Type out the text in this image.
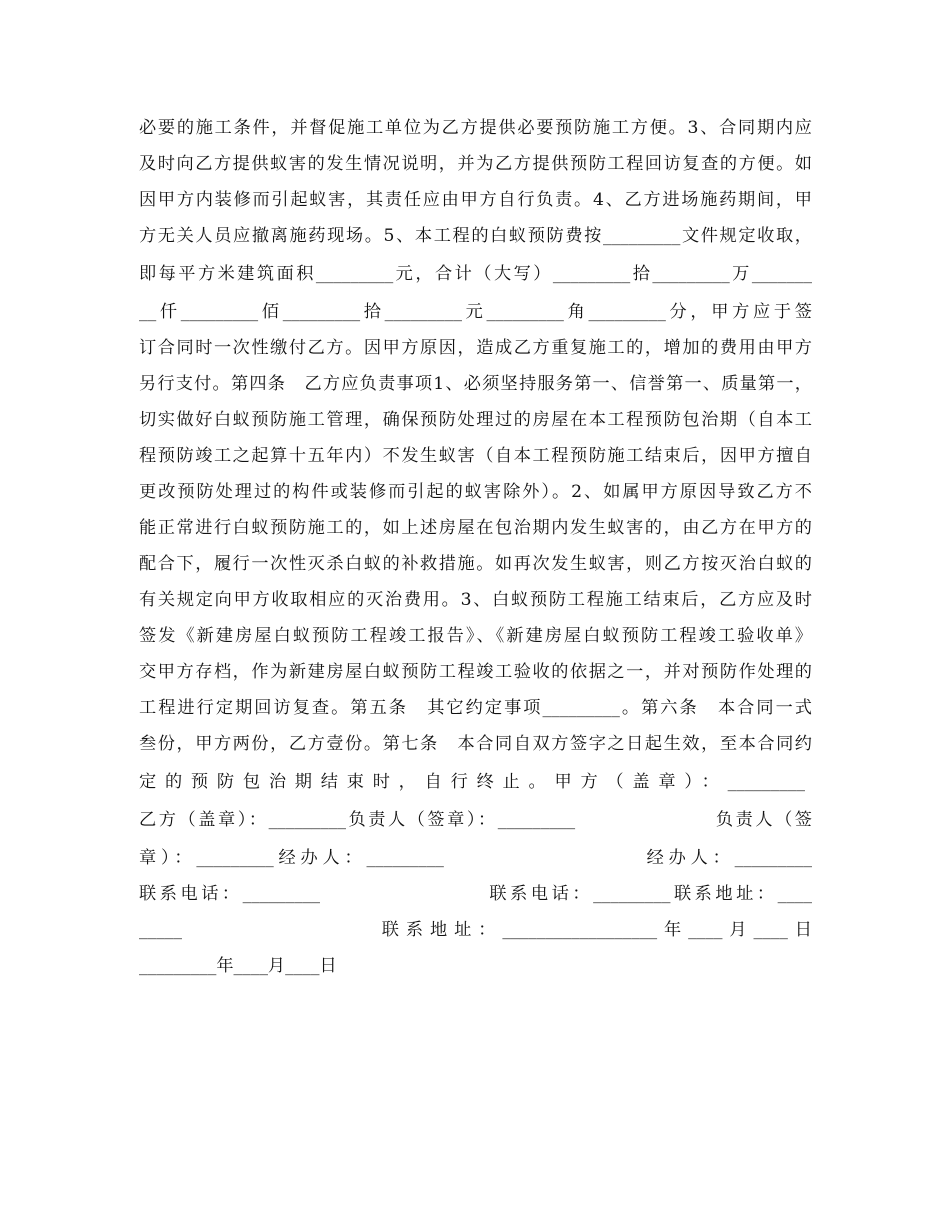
必要的施工条件，并督促施工单位为乙方提供必要预防施工方便。3、合同期内应
及时向乙方提供蚁害的发生情况说明，并为乙方提供预防工程回访复查的方便。如
因甲方内装修而引起蚁害，其责任应由甲方自行负责。4、乙方进场施药期间，甲
方无关人员应撤离施药现场。5、本工程的白蚁预防费按_________文件规定收取，
即每平方米建筑面积_________元，合计（大写）_________拾_________万_______
__仟_________佰_________拾_________元_________角_________分，甲方应于签
订合同时一次性缴付乙方。因甲方原因，造成乙方重复施工的，增加的费用由甲方
另行支付。第四条　乙方应负责事项1、必须坚持服务第一、信誉第一、质量第一，
切实做好白蚁预防施工管理，确保预防处理过的房屋在本工程预防包治期（自本工
程预防竣工之起算十五年内）不发生蚁害（自本工程预防施工结束后，因甲方擅自
更改预防处理过的构件或装修而引起的蚁害除外）。2、如属甲方原因导致乙方不
能正常进行白蚁预防施工的，如上述房屋在包治期内发生蚁害的，由乙方在甲方的
配合下，履行一次性灭杀白蚁的补救措施。如再次发生蚁害，则乙方按灭治白蚁的
有关规定向甲方收取相应的灭治费用。3、白蚁预防工程施工结束后，乙方应及时
签发《新建房屋白蚁预防工程竣工报告》、《新建房屋白蚁预防工程竣工验收单》
交甲方存档，作为新建房屋白蚁预防工程竣工验收的依据之一，并对预防作处理的
工程进行定期回访复查。第五条　其它约定事项_________。第六条　本合同一式
叁份，甲方两份，乙方壹份。第七条　本合同自双方签字之日起生效，至本合同约
定的预防包治期结束时，自行终止。甲方（盖章）：_________
乙方（盖章）：_________负责人（签章）：_________　　　　　　　负责人（签
章）：_________经办人：_________　　　　　　　　　经办人：_________
联系电话：_________　　　　　　　　联系电话：_________联系地址：____
_____　　　　　　　　联系地址：__________________年____月____日
_________年____月____日
